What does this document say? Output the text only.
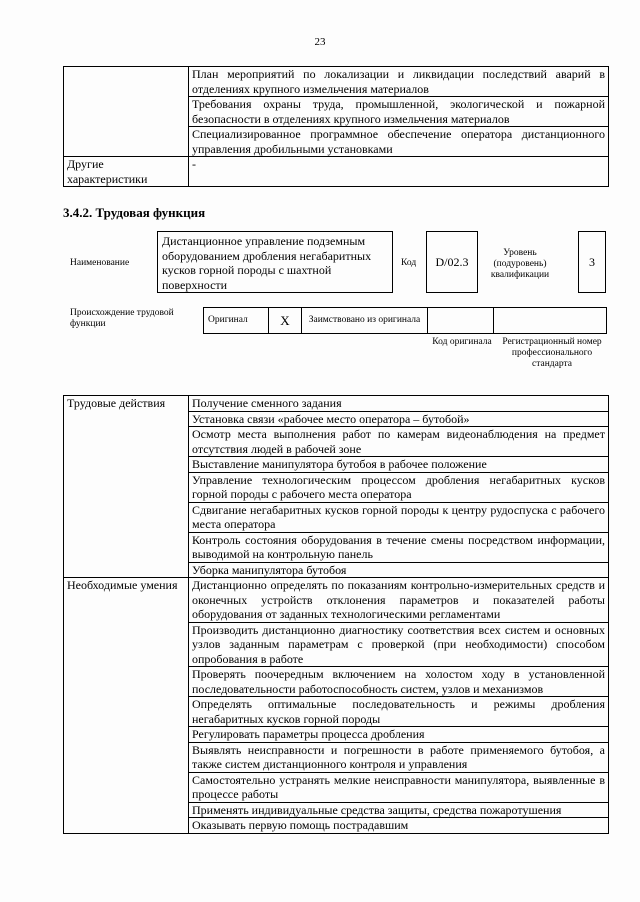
23
	План мероприятий по локализации и ликвидации последствий аварий в отделениях крупного измельчения материалов
	Требования охраны труда, промышленной, экологической и пожарной безопасности в отделениях крупного измельчения материалов
	Специализированное программное обеспечение оператора дистанционного управления дробильными установками
Другие характеристики	-
3.4.2. Трудовая функция
Наименование
Дистанционное управление подземным оборудованием дробления негабаритных кусков горной породы с шахтной поверхности
Код	D/02.3
Уровень (подуровень) квалификации
3
Происхождение трудовой функции	Оригинал	X	Заимствовано из оригинала		
Код оригинала	Регистрационный номер профессионального стандарта
Трудовые действия	Получение сменного задания
	Установка связи «рабочее место оператора – бутобой»
	Осмотр места выполнения работ по камерам видеонаблюдения на предмет отсутствия людей в рабочей зоне
	Выставление манипулятора бутобоя в рабочее положение
	Управление технологическим процессом дробления негабаритных кусков горной породы с рабочего места оператора
	Сдвигание негабаритных кусков горной породы к центру рудоспуска с рабочего места оператора
	Контроль состояния оборудования в течение смены посредством информации, выводимой на контрольную панель
	Уборка манипулятора бутобоя
Необходимые умения	Дистанционно определять по показаниям контрольно-измерительных средств и оконечных устройств отклонения параметров и показателей работы оборудования от заданных технологическими регламентами
	Производить дистанционно диагностику соответствия всех систем и основных узлов заданным параметрам с проверкой (при необходимости) способом опробования в работе
	Проверять поочередным включением на холостом ходу в установленной последовательности работоспособность систем, узлов и механизмов
	Определять оптимальные последовательность и режимы дробления негабаритных кусков горной породы
	Регулировать параметры процесса дробления
	Выявлять неисправности и погрешности в работе применяемого бутобоя, а также систем дистанционного контроля и управления
	Самостоятельно устранять мелкие неисправности манипулятора, выявленные в процессе работы
	Применять индивидуальные средства защиты, средства пожаротушения
	Оказывать первую помощь пострадавшим
